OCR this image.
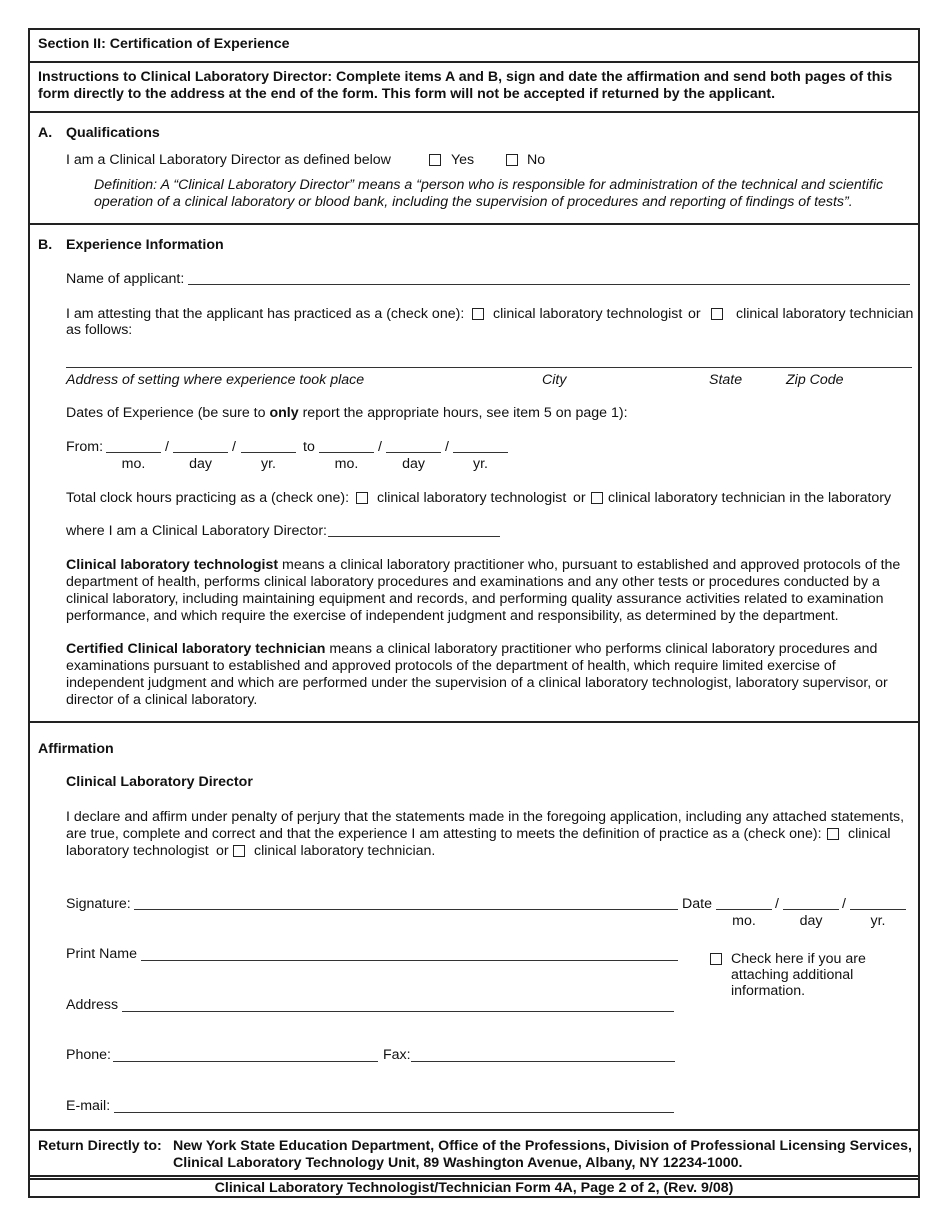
Section II: Certification of Experience
Instructions to Clinical Laboratory Director: Complete items A and B, sign and date the affirmation and send both pages of this form directly to the address at the end of the form. This form will not be accepted if returned by the applicant.
A. Qualifications
I am a Clinical Laboratory Director as defined below	Yes	No
Definition: A “Clinical Laboratory Director” means a “person who is responsible for administration of the technical and scientific operation of a clinical laboratory or blood bank, including the supervision of procedures and reporting of findings of tests”.
B. Experience Information
Name of applicant:
I am attesting that the applicant has practiced as a (check one): clinical laboratory technologist or clinical laboratory technician
as follows:
Address of setting where experience took place	City	State	Zip Code
Dates of Experience (be sure to only report the appropriate hours, see item 5 on page 1):
From:	/	/	to	/	/
mo.	day	yr.	mo.	day	yr.
Total clock hours practicing as a (check one): clinical laboratory technologist or clinical laboratory technician in the laboratory
where I am a Clinical Laboratory Director:
Clinical laboratory technologist means a clinical laboratory practitioner who, pursuant to established and approved protocols of the department of health, performs clinical laboratory procedures and examinations and any other tests or procedures conducted by a clinical laboratory, including maintaining equipment and records, and performing quality assurance activities related to examination performance, and which require the exercise of independent judgment and responsibility, as determined by the department.
Certified Clinical laboratory technician means a clinical laboratory practitioner who performs clinical laboratory procedures and examinations pursuant to established and approved protocols of the department of health, which require limited exercise of independent judgment and which are performed under the supervision of a clinical laboratory technologist, laboratory supervisor, or director of a clinical laboratory.
Affirmation
Clinical Laboratory Director
I declare and affirm under penalty of perjury that the statements made in the foregoing application, including any attached statements,
are true, complete and correct and that the experience I am attesting to meets the definition of practice as a (check one): clinical
laboratory technologist or clinical laboratory technician.
Signature:	Date	/	/
mo.	day	yr.
Print Name
Address
Phone:	Fax:
E-mail:
Check here if you are
attaching additional
information.
Return Directly to: New York State Education Department, Office of the Professions, Division of Professional Licensing Services,
Clinical Laboratory Technology Unit, 89 Washington Avenue, Albany, NY 12234-1000.
Clinical Laboratory Technologist/Technician Form 4A, Page 2 of 2, (Rev. 9/08)
